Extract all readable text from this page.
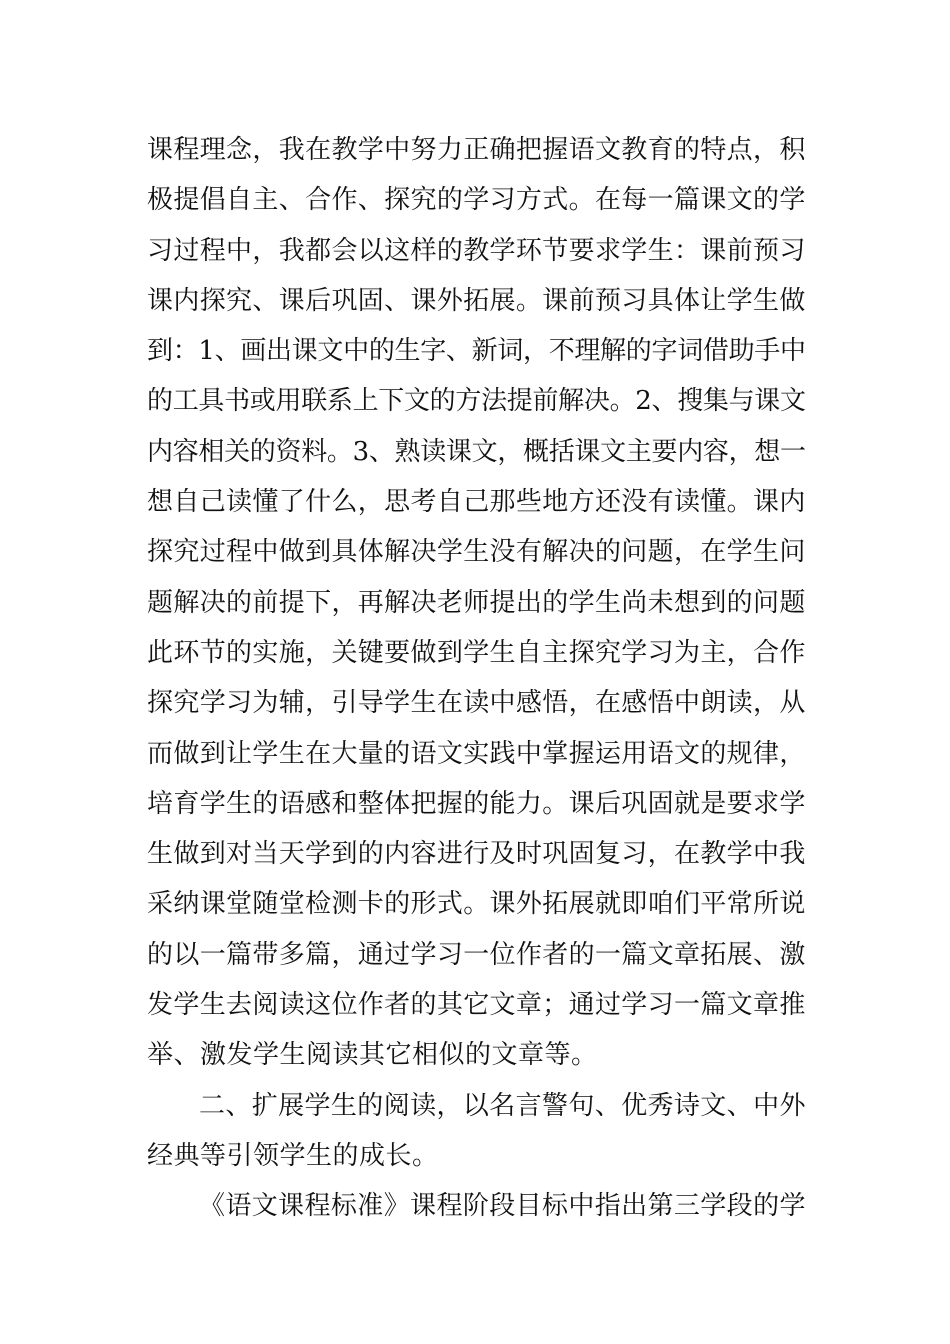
课程理念，我在教学中努力正确把握语文教育的特点，积
极提倡自主、合作、探究的学习方式。在每一篇课文的学
习过程中，我都会以这样的教学环节要求学生：课前预习
课内探究、课后巩固、课外拓展。课前预习具体让学生做
到：1、画出课文中的生字、新词，不理解的字词借助手中
的工具书或用联系上下文的方法提前解决。2、搜集与课文
内容相关的资料。3、熟读课文，概括课文主要内容，想一
想自己读懂了什么，思考自己那些地方还没有读懂。课内
探究过程中做到具体解决学生没有解决的问题，在学生问
题解决的前提下，再解决老师提出的学生尚未想到的问题
此环节的实施，关键要做到学生自主探究学习为主，合作
探究学习为辅，引导学生在读中感悟，在感悟中朗读，从
而做到让学生在大量的语文实践中掌握运用语文的规律，
培育学生的语感和整体把握的能力。课后巩固就是要求学
生做到对当天学到的内容进行及时巩固复习，在教学中我
采纳课堂随堂检测卡的形式。课外拓展就即咱们平常所说
的以一篇带多篇，通过学习一位作者的一篇文章拓展、激
发学生去阅读这位作者的其它文章；通过学习一篇文章推
举、激发学生阅读其它相似的文章等。
二、扩展学生的阅读，以名言警句、优秀诗文、中外
经典等引领学生的成长。
《语文课程标准》课程阶段目标中指出第三学段的学
